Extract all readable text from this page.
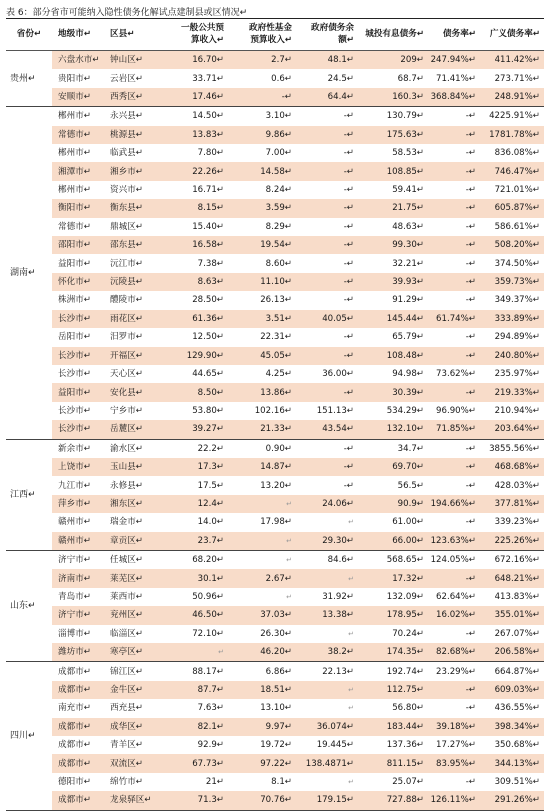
表 6：部分省市可能纳入隐性债务化解试点建制县或区情况↵
省份↵	地级市↵	区县↵	一般公共预
算收入↵	政府性基金
预算收入↵	政府债务余
额↵	城投有息债务↵	债务率↵	广义债务率↵
贵州↵	六盘水市↵	钟山区↵	16.70↵	2.7↵	48.1↵	209↵	247.94%↵	411.42%↵
	贵阳市↵	云岩区↵	33.71↵	0.6↵	24.5↵	68.7↵	71.41%↵	273.71%↵
	安顺市↵	西秀区↵	17.46↵	-↵	64.4↵	160.3↵	368.84%↵	248.91%↵
湖南↵	郴州市↵	永兴县↵	14.50↵	3.10↵	-↵	130.79↵	-↵	4225.91%↵
	常德市↵	桃源县↵	13.83↵	9.86↵	-↵	175.63↵	-↵	1781.78%↵
	郴州市↵	临武县↵	7.80↵	7.00↵	-↵	58.53↵	-↵	836.08%↵
	湘潭市↵	湘乡市↵	22.26↵	14.58↵	-↵	108.85↵	-↵	746.47%↵
	郴州市↵	资兴市↵	16.71↵	8.24↵	-↵	59.41↵	-↵	721.01%↵
	衡阳市↵	衡东县↵	8.15↵	3.59↵	-↵	21.75↵	-↵	605.87%↵
	常德市↵	鼎城区↵	15.40↵	8.29↵	-↵	48.63↵	-↵	586.61%↵
	邵阳市↵	邵东县↵	16.58↵	19.54↵	-↵	99.30↵	-↵	508.20%↵
	益阳市↵	沅江市↵	7.38↵	8.60↵	-↵	32.21↵	-↵	374.50%↵
	怀化市↵	沅陵县↵	8.63↵	11.10↵	-↵	39.93↵	-↵	359.73%↵
	株洲市↵	醴陵市↵	28.50↵	26.13↵	-↵	91.29↵	-↵	349.37%↵
	长沙市↵	雨花区↵	61.36↵	3.51↵	40.05↵	145.44↵	61.74%↵	333.89%↵
	岳阳市↵	汨罗市↵	12.50↵	22.31↵	-↵	65.79↵	-↵	294.89%↵
	长沙市↵	开福区↵	129.90↵	45.05↵	-↵	108.48↵	-↵	240.80%↵
	长沙市↵	天心区↵	44.65↵	4.25↵	36.00↵	94.98↵	73.62%↵	235.97%↵
	益阳市↵	安化县↵	8.50↵	13.86↵	-↵	30.39↵	-↵	219.33%↵
	长沙市↵	宁乡市↵	53.80↵	102.16↵	151.13↵	534.29↵	96.90%↵	210.94%↵
	长沙市↵	岳麓区↵	39.27↵	21.33↵	43.54↵	132.10↵	71.85%↵	203.64%↵
江西↵	新余市↵	渝水区↵	22.2↵	0.90↵	-↵	34.7↵	-↵	3855.56%↵
	上饶市↵	玉山县↵	17.3↵	14.87↵	-↵	69.70↵	-↵	468.68%↵
	九江市↵	永修县↵	17.5↵	13.20↵	-↵	56.5↵	-↵	428.03%↵
	萍乡市↵	湘东区↵	12.4↵	↵	24.06↵	90.9↵	194.66%↵	377.81%↵
	赣州市↵	瑞金市↵	14.0↵	17.98↵	↵	61.00↵	-↵	339.23%↵
	赣州市↵	章贡区↵	23.7↵	↵	29.30↵	66.00↵	123.63%↵	225.26%↵
山东↵	济宁市↵	任城区↵	68.20↵	↵	84.6↵	568.65↵	124.05%↵	672.16%↵
	济南市↵	莱芜区↵	30.1↵	2.67↵	↵	17.32↵	-↵	648.21%↵
	青岛市↵	莱西市↵	50.96↵	↵	31.92↵	132.09↵	62.64%↵	413.83%↵
	济宁市↵	兖州区↵	46.50↵	37.03↵	13.38↵	178.95↵	16.02%↵	355.01%↵
	淄博市↵	临淄区↵	72.10↵	26.30↵	↵	70.24↵	-↵	267.07%↵
	潍坊市↵	寒亭区↵	↵	46.20↵	38.2↵	174.35↵	82.68%↵	206.58%↵
四川↵	成都市↵	锦江区↵	88.17↵	6.86↵	22.13↵	192.74↵	23.29%↵	664.87%↵
	成都市↵	金牛区↵	87.7↵	18.51↵	↵	112.75↵	-↵	609.03%↵
	南充市↵	西充县↵	7.63↵	13.10↵	↵	56.80↵	-↵	436.55%↵
	成都市↵	成华区↵	82.1↵	9.97↵	36.074↵	183.44↵	39.18%↵	398.34%↵
	成都市↵	青羊区↵	92.9↵	19.72↵	19.445↵	137.36↵	17.27%↵	350.68%↵
	成都市↵	双流区↵	67.73↵	97.22↵	138.4871↵	811.15↵	83.95%↵	344.13%↵
	德阳市↵	绵竹市↵	21↵	8.1↵	↵	25.07↵	-↵	309.51%↵
	成都市↵	龙泉驿区↵	71.3↵	70.76↵	179.15↵	727.88↵	126.11%↵	291.26%↵
